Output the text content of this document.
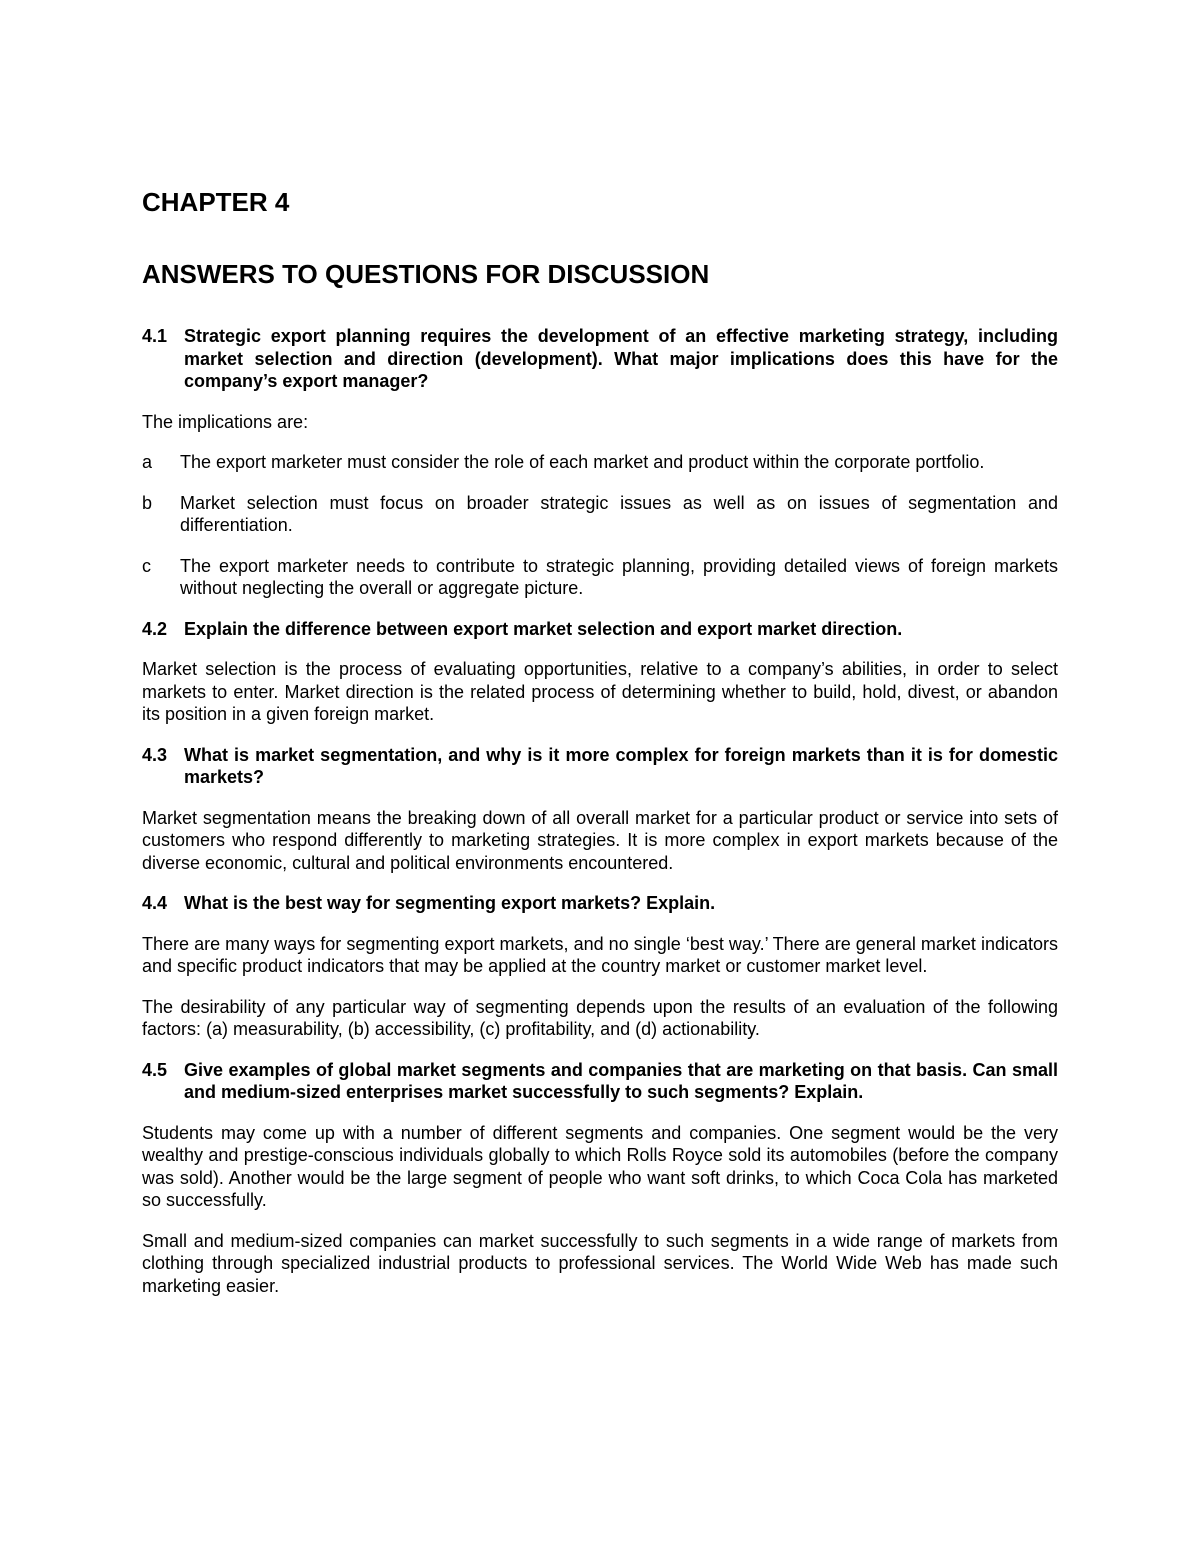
CHAPTER 4
ANSWERS TO QUESTIONS FOR DISCUSSION
4.1 Strategic export planning requires the development of an effective marketing strategy, including market selection and direction (development). What major implications does this have for the company’s export manager?

The implications are:

a	The export marketer must consider the role of each market and product within the corporate portfolio.
b	Market selection must focus on broader strategic issues as well as on issues of segmentation and differentiation.
c	The export marketer needs to contribute to strategic planning, providing detailed views of foreign markets without neglecting the overall or aggregate picture.
4.2 Explain the difference between export market selection and export market direction.

Market selection is the process of evaluating opportunities, relative to a company’s abilities, in order to select markets to enter. Market direction is the related process of determining whether to build, hold, divest, or abandon its position in a given foreign market.

4.3 What is market segmentation, and why is it more complex for foreign markets than it is for domestic markets?

Market segmentation means the breaking down of all overall market for a particular product or service into sets of customers who respond differently to marketing strategies. It is more complex in export markets because of the diverse economic, cultural and political environments encountered.

4.4 What is the best way for segmenting export markets? Explain.

There are many ways for segmenting export markets, and no single ‘best way.’ There are general market indicators and specific product indicators that may be applied at the country market or customer market level.

The desirability of any particular way of segmenting depends upon the results of an evaluation of the following factors: (a) measurability, (b) accessibility, (c) profitability, and (d) actionability.

4.5 Give examples of global market segments and companies that are marketing on that basis. Can small and medium-sized enterprises market successfully to such segments? Explain.

Students may come up with a number of different segments and companies. One segment would be the very wealthy and prestige-conscious individuals globally to which Rolls Royce sold its automobiles (before the company was sold). Another would be the large segment of people who want soft drinks, to which Coca Cola has marketed so successfully.

Small and medium-sized companies can market successfully to such segments in a wide range of markets from clothing through specialized industrial products to professional services. The World Wide Web has made such marketing easier.
